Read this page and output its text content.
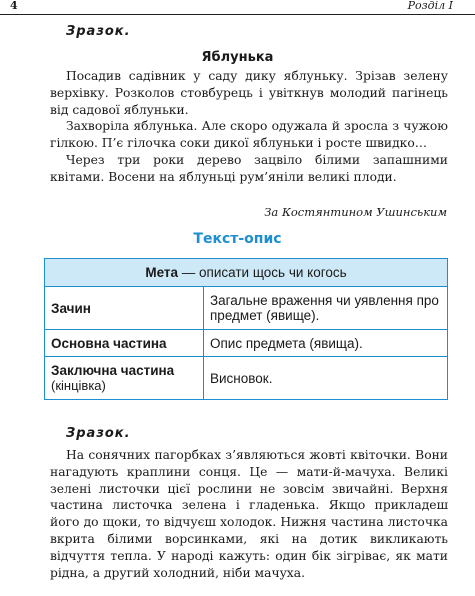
4	Розділ I
Зразок.
Яблунька

Посадив садівник у саду дику яблуньку. Зрізав зелену верхівку. Розколов стовбурець і увіткнув молодий пагінець від садової яблуньки.

Захворіла яблунька. Але скоро одужала й зросла з чужою гілкою. П’є гілочка соки дикої яблуньки і росте швидко…

Через три роки дерево зацвіло білими запашними квітами. Восени на яблуньці рум’яніли великі плоди.

За Костянтином Ушинським
Текст-опис
Мета — описати щось чи когось	
Зачин	Загальне враження чи уявлення про предмет (явище).
Основна частина	Опис предмета (явища).
Заключна частина
(кінцівка)	Висновок.
Зразок.

На сонячних пагорбках з’являються жовті квіточки. Вони нагадують краплини сонця. Це — мати-й-мачуха. Великі зелені листочки цієї рослини не зовсім звичайні. Верхня частина листочка зелена і гладенька. Якщо прикладеш його до щоки, то відчуєш холодок. Нижня частина листочка вкрита білими ворсинками, які на дотик викликають відчуття тепла. У народі кажуть: один бік зігріває, як мати рідна, а другий холодний, ніби мачуха.
